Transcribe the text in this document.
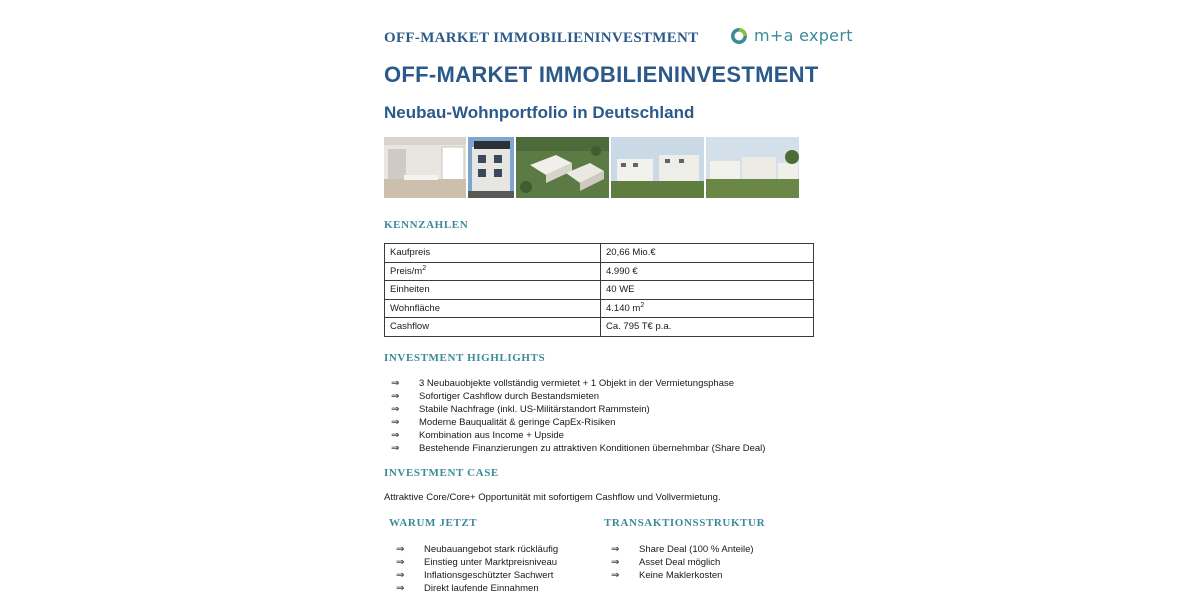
OFF-MARKET IMMOBILIENINVESTMENT	m+a expert
OFF-MARKET IMMOBILIENINVESTMENT
Neubau-Wohnportfolio in Deutschland
KENNZAHLEN
Kaufpreis	20,66 Mio.€
Preis/$m^2$	4.990 €
Einheiten	40 WE
Wohnfläche	4.140 $m^2$
Cashflow	Ca. 795 T€ p.a.
INVESTMENT HIGHLIGHTS
⇒	3 Neubauobjekte vollständig vermietet + 1 Objekt in der Vermietungsphase
⇒	Sofortiger Cashflow durch Bestandsmieten
⇒	Stabile Nachfrage (inkl. US-Militärstandort Rammstein)
⇒	Moderne Bauqualität & geringe CapEx-Risiken
⇒	Kombination aus Income + Upside
⇒	Bestehende Finanzierungen zu attraktiven Konditionen übernehmbar (Share Deal)
INVESTMENT CASE
Attraktive Core/Core+ Opportunität mit sofortigem Cashflow und Vollvermietung.
WARUM JETZT
⇒	Neubauangebot stark rückläufig
⇒	Einstieg unter Marktpreisniveau
⇒	Inflationsgeschützter Sachwert
⇒	Direkt laufende Einnahmen
TRANSAKTIONSSTRUKTUR
⇒	Share Deal (100 % Anteile)
⇒	Asset Deal möglich
⇒	Keine Maklerkosten
